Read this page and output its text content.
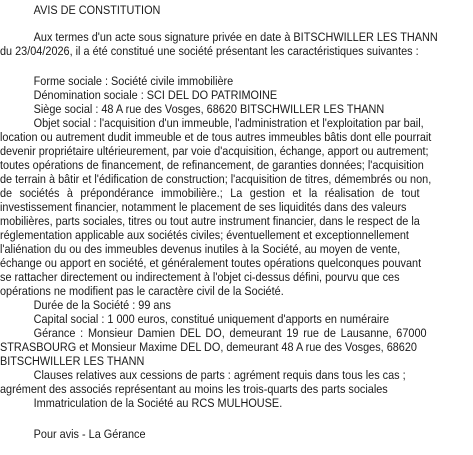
AVIS DE CONSTITUTION
Aux termes d'un acte sous signature privée en date à BITSCHWILLER LES THANN
du 23/04/2026, il a été constitué une société présentant les caractéristiques suivantes :
Forme sociale : Société civile immobilière
Dénomination sociale : SCI DEL DO PATRIMOINE
Siège social : 48 A rue des Vosges, 68620 BITSCHWILLER LES THANN
Objet social : l'acquisition d'un immeuble, l'administration et l'exploitation par bail,
location ou autrement dudit immeuble et de tous autres immeubles bâtis dont elle pourrait
devenir propriétaire ultérieurement, par voie d'acquisition, échange, apport ou autrement;
toutes opérations de financement, de refinancement, de garanties données; l'acquisition
de terrain à bâtir et l'édification de construction; l'acquisition de titres, démembrés ou non,
de sociétés à prépondérance immobilière.; La gestion et la réalisation de tout
investissement financier, notamment le placement de ses liquidités dans des valeurs
mobilières, parts sociales, titres ou tout autre instrument financier, dans le respect de la
réglementation applicable aux sociétés civiles; éventuellement et exceptionnellement
l'aliénation du ou des immeubles devenus inutiles à la Société, au moyen de vente,
échange ou apport en société, et généralement toutes opérations quelconques pouvant
se rattacher directement ou indirectement à l'objet ci-dessus défini, pourvu que ces
opérations ne modifient pas le caractère civil de la Société.
Durée de la Société : 99 ans
Capital social : 1 000 euros, constitué uniquement d'apports en numéraire
Gérance : Monsieur Damien DEL DO, demeurant 19 rue de Lausanne, 67000
STRASBOURG et Monsieur Maxime DEL DO, demeurant 48 A rue des Vosges, 68620
BITSCHWILLER LES THANN
Clauses relatives aux cessions de parts : agrément requis dans tous les cas ;
agrément des associés représentant au moins les trois-quarts des parts sociales
Immatriculation de la Société au RCS MULHOUSE.
Pour avis - La Gérance
